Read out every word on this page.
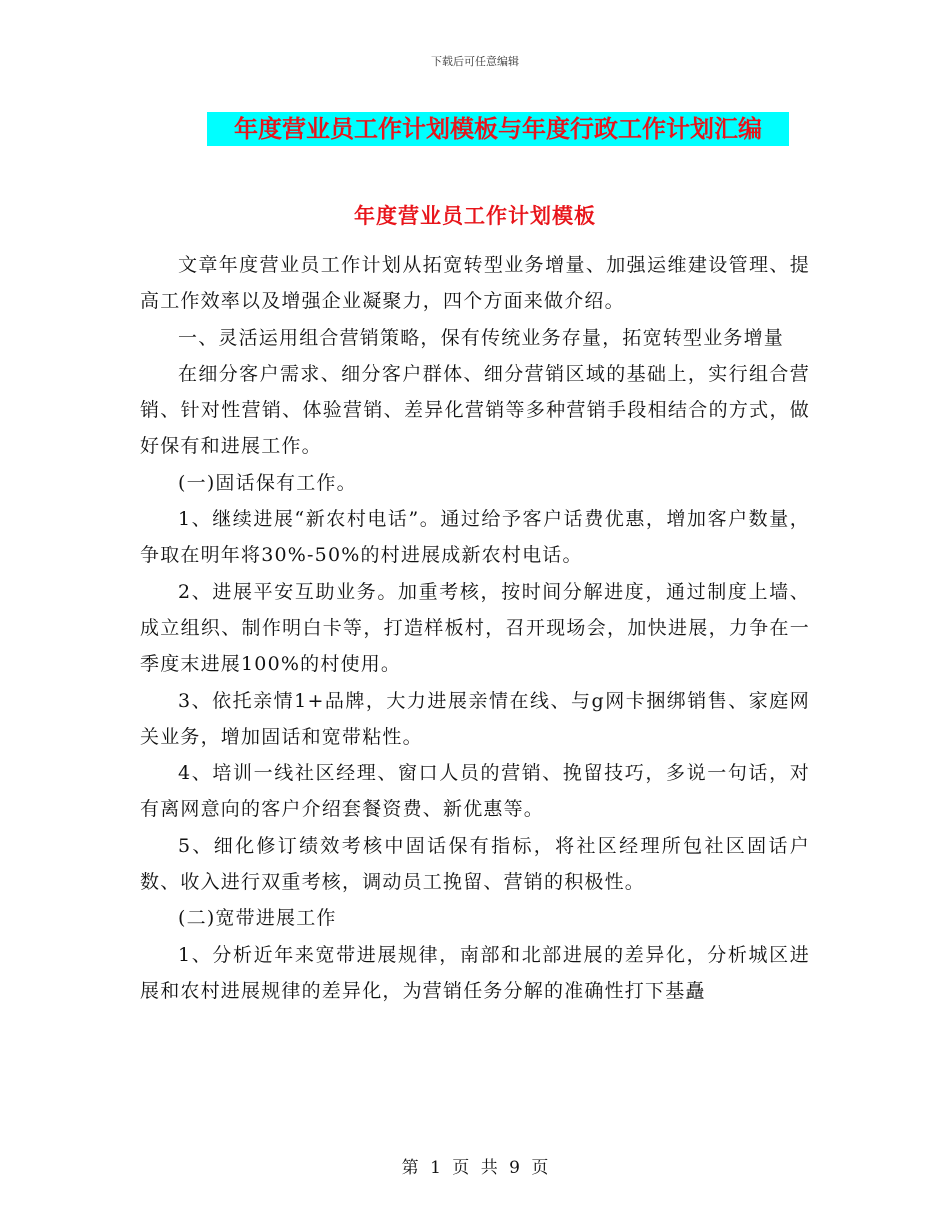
下载后可任意编辑
年度营业员工作计划模板与年度行政工作计划汇编
年度营业员工作计划模板

文章年度营业员工作计划从拓宽转型业务增量、加强运维建设管理、提高工作效率以及增强企业凝聚力，四个方面来做介绍。

一、灵活运用组合营销策略，保有传统业务存量，拓宽转型业务增量

在细分客户需求、细分客户群体、细分营销区域的基础上，实行组合营销、针对性营销、体验营销、差异化营销等多种营销手段相结合的方式，做好保有和进展工作。

(一)固话保有工作。

1、继续进展“新农村电话”。通过给予客户话费优惠，增加客户数量，争取在明年将30%-50%的村进展成新农村电话。

2、进展平安互助业务。加重考核，按时间分解进度，通过制度上墙、成立组织、制作明白卡等，打造样板村，召开现场会，加快进展，力争在一季度末进展100%的村使用。

3、依托亲情1+品牌，大力进展亲情在线、与g网卡捆绑销售、家庭网关业务，增加固话和宽带粘性。

4、培训一线社区经理、窗口人员的营销、挽留技巧，多说一句话，对有离网意向的客户介绍套餐资费、新优惠等。

5、细化修订绩效考核中固话保有指标，将社区经理所包社区固话户数、收入进行双重考核，调动员工挽留、营销的积极性。

(二)宽带进展工作

1、分析近年来宽带进展规律，南部和北部进展的差异化，分析城区进展和农村进展规律的差异化，为营销任务分解的准确性打下基矗

第 1 页 共 9 页
